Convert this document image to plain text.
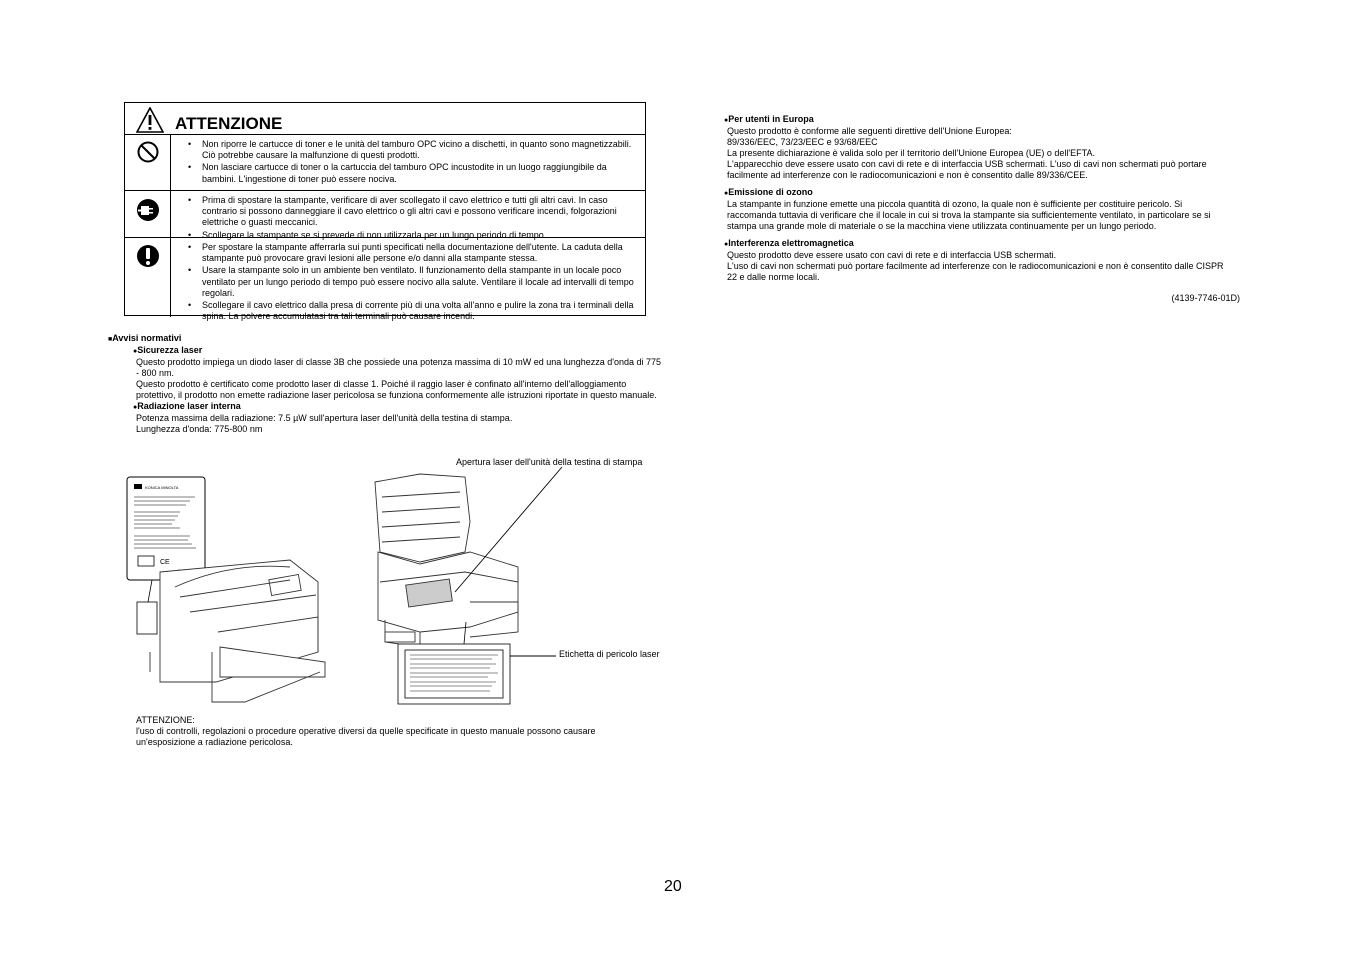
ATTENZIONE
• Non riporre le cartucce di toner e le unità del tamburo OPC vicino a dischetti, in quanto sono magnetizzabili. Ciò potrebbe causare la malfunzione di questi prodotti.
• Non lasciare cartucce di toner o la cartuccia del tamburo OPC incustodite in un luogo raggiungibile da bambini. L'ingestione di toner può essere nociva.
• Prima di spostare la stampante, verificare di aver scollegato il cavo elettrico e tutti gli altri cavi. In caso contrario si possono danneggiare il cavo elettrico o gli altri cavi e possono verificare incendi, folgorazioni elettriche o guasti meccanici.
• Scollegare la stampante se si prevede di non utilizzarla per un lungo periodo di tempo.
• Per spostare la stampante afferrarla sui punti specificati nella documentazione dell'utente. La caduta della stampante può provocare gravi lesioni alle persone e/o danni alla stampante stessa.
• Usare la stampante solo in un ambiente ben ventilato. Il funzionamento della stampante in un locale poco ventilato per un lungo periodo di tempo può essere nocivo alla salute. Ventilare il locale ad intervalli di tempo regolari.
• Scollegare il cavo elettrico dalla presa di corrente più di una volta all'anno e pulire la zona tra i terminali della spina. La polvere accumulatasi tra tali terminali può causare incendi.

■ Avvisi normativi

● Sicurezza laser

Questo prodotto impiega un diodo laser di classe 3B che possiede una potenza massima di 10 mW ed una lunghezza d'onda di 775 - 800 nm.

Questo prodotto è certificato come prodotto laser di classe 1. Poiché il raggio laser è confinato all'interno dell'alloggiamento protettivo, il prodotto non emette radiazione laser pericolosa se funziona conformemente alle istruzioni riportate in questo manuale.

● Radiazione laser interna

Potenza massima della radiazione: 7.5 µW sull'apertura laser dell'unità della testina di stampa.

Lunghezza d'onda: 775-800 nm

KONICA MINOLTA
CE
Apertura laser dell'unità della testina di stampa
Etichetta di pericolo laser

ATTENZIONE:

l'uso di controlli, regolazioni o procedure operative diversi da quelle specificate in questo manuale possono causare un'esposizione a radiazione pericolosa.

● Per utenti in Europa

Questo prodotto è conforme alle seguenti direttive dell'Unione Europea:

89/336/EEC, 73/23/EEC e 93/68/EEC

La presente dichiarazione è valida solo per il territorio dell'Unione Europea (UE) o dell'EFTA.

L'apparecchio deve essere usato con cavi di rete e di interfaccia USB schermati. L'uso di cavi non schermati può portare facilmente ad interferenze con le radiocomunicazioni e non è consentito dalle 89/336/CEE.

● Emissione di ozono

La stampante in funzione emette una piccola quantità di ozono, la quale non è sufficiente per costituire pericolo. Si raccomanda tuttavia di verificare che il locale in cui si trova la stampante sia sufficientemente ventilato, in particolare se si stampa una grande mole di materiale o se la macchina viene utilizzata continuamente per un lungo periodo.

● Interferenza elettromagnetica

Questo prodotto deve essere usato con cavi di rete e di interfaccia USB schermati.

L'uso di cavi non schermati può portare facilmente ad interferenze con le radiocomunicazioni e non è consentito dalle CISPR 22 e dalle norme locali.

(4139-7746-01D)
20
